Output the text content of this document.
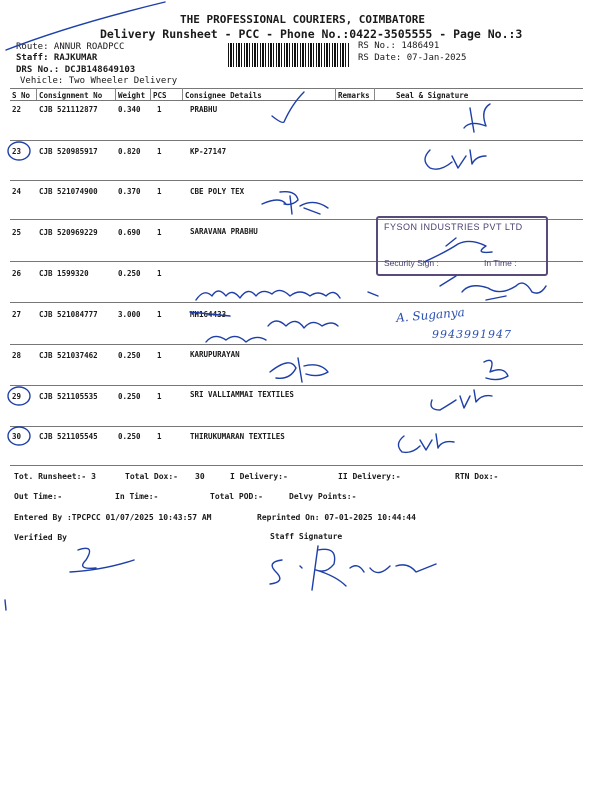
THE PROFESSIONAL COURIERS, COIMBATORE
Delivery Runsheet - PCC - Phone No.:0422-3505555 - Page No.:3
Route: ANNUR ROADPCC
Staff: RAJKUMAR
DRS No.: DCJB148649103
Vehicle: Two Wheeler Delivery
RS No.: 1486491
RS Date: 07-Jan-2025
S No Consignment No Weight PCS Consignee Details	Remarks	Seal & Signature
22 CJB 521112877	0.340 1	PRABHU
23 CJB 520985917	0.820 1	KP-27147
24 CJB 521074900	0.370 1	CBE POLY TEX
25 CJB 520969229	0.690 1	SARAVANA PRABHU
26 CJB 1599320	0.250 1
27 CJB 521084777	3.000 1	MH164433
28 CJB 521037462	0.250 1	KARUPURAYAN
29 CJB 521105535	0.250 1	SRI VALLIAMMAI TEXTILES
30 CJB 521105545	0.250 1	THIRUKUMARAN TEXTILES
FYSON INDUSTRIES PVT LTD
Security Sign :	In Time :
A. Suganya
9943991947
Tot. Runsheet:- 3	Total Dox:- 30	I Delivery:-	II Delivery:-	RTN Dox:-
Out Time:-	In Time:-	Total POD:-	Delvy Points:-
Entered By :TPCPCC 01/07/2025 10:43:57 AM	Reprinted On: 07-01-2025 10:44:44
Verified By	Staff Signature
